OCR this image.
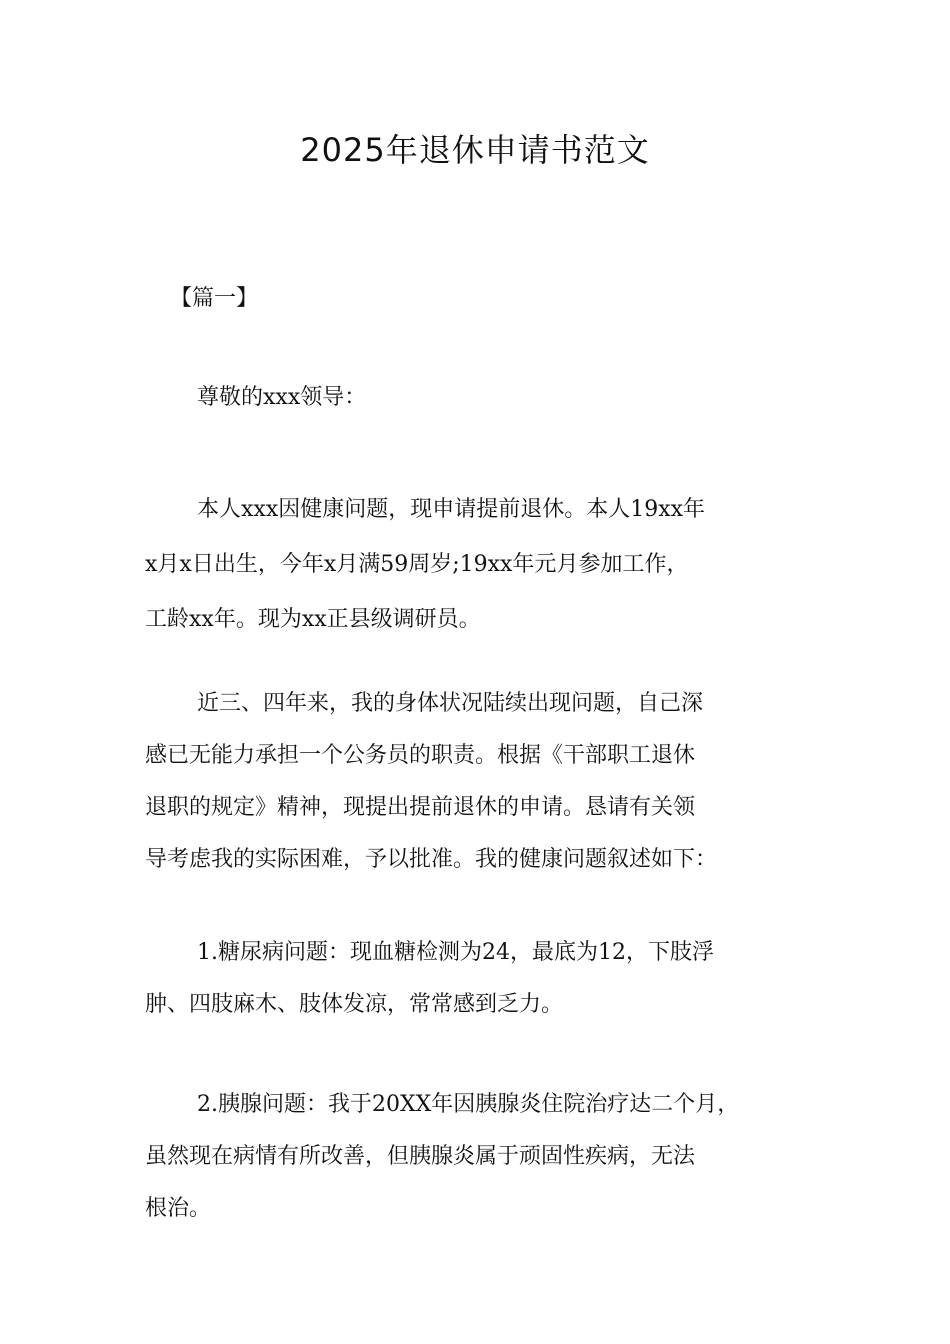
2025年退休申请书范文

【篇一】

尊敬的xxx领导：

本人xxx因健康问题，现申请提前退休。本人19xx年
x月x日出生，今年x月满59周岁;19xx年元月参加工作，
工龄xx年。现为xx正县级调研员。

近三、四年来，我的身体状况陆续出现问题，自己深
感已无能力承担一个公务员的职责。根据《干部职工退休
退职的规定》精神，现提出提前退休的申请。恳请有关领
导考虑我的实际困难，予以批准。我的健康问题叙述如下：

1.糖尿病问题：现血糖检测为24，最底为12，下肢浮
肿、四肢麻木、肢体发凉，常常感到乏力。

2.胰腺问题：我于20XX年因胰腺炎住院治疗达二个月，
虽然现在病情有所改善，但胰腺炎属于顽固性疾病，无法
根治。
